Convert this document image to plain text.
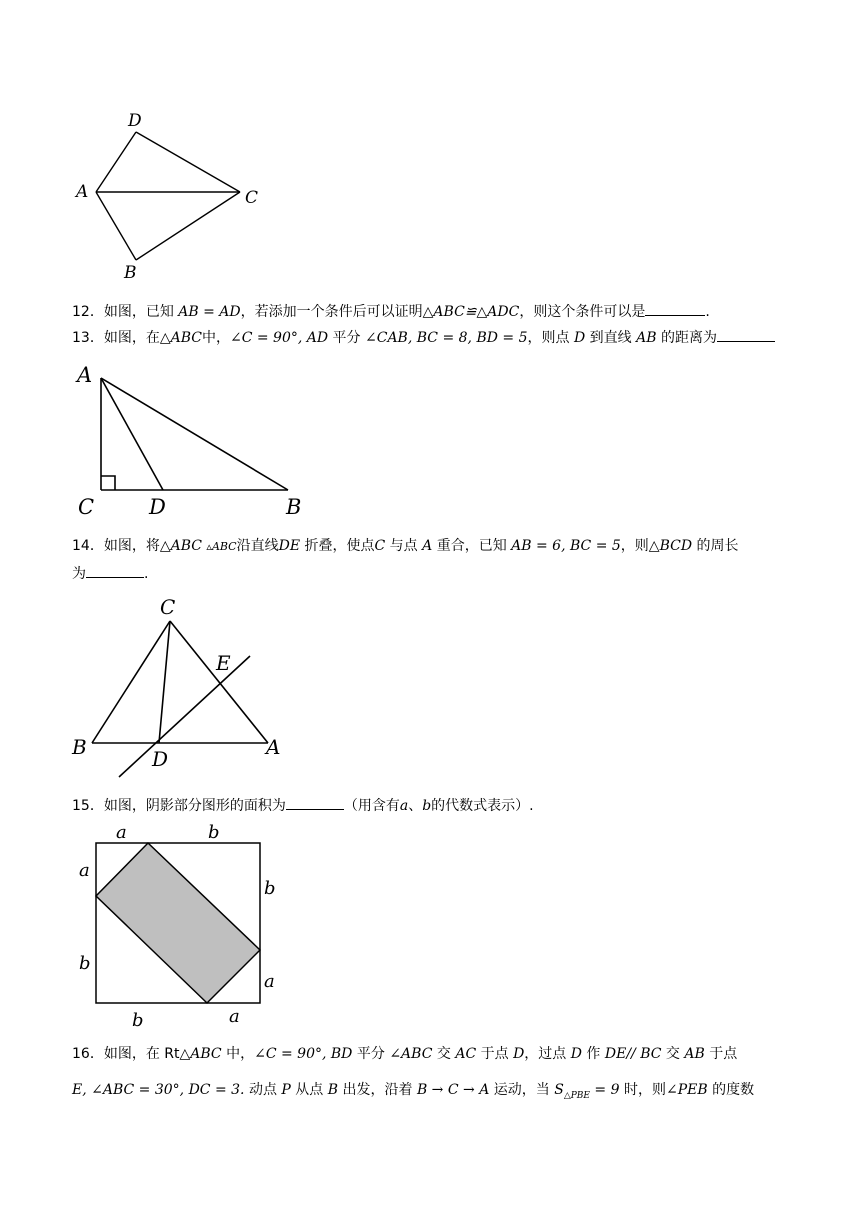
D
A	C
B
12．如图，已知 AB = AD，若添加一个条件后可以证明△ABC≌△ADC，则这个条件可以是	.
13．如图，在△ABC中，∠C = 90°, AD 平分 ∠CAB, BC = 8, BD = 5，则点 D 到直线 AB 的距离为
A
C	D	B
14．如图，将△ABC ▵ABC沿直线DE 折叠，使点C 与点 A 重合，已知 AB = 6, BC = 5，则△BCD 的周长
为	.
C
E
B	D	A
15．如图，阴影部分图形的面积为	（用含有a、b的代数式表示）.
a	b
a
b
b
a
b	a
16．如图，在 Rt△ABC 中，∠C = 90°, BD 平分 ∠ABC 交 AC 于点 D，过点 D 作 DE// BC 交 AB 于点
E, ∠ABC = 30°, DC = 3. 动点 P 从点 B 出发，沿着 B → C → A 运动，当 $S_{\triangle PBE} = 9$ 时，则∠PEB 的度数
